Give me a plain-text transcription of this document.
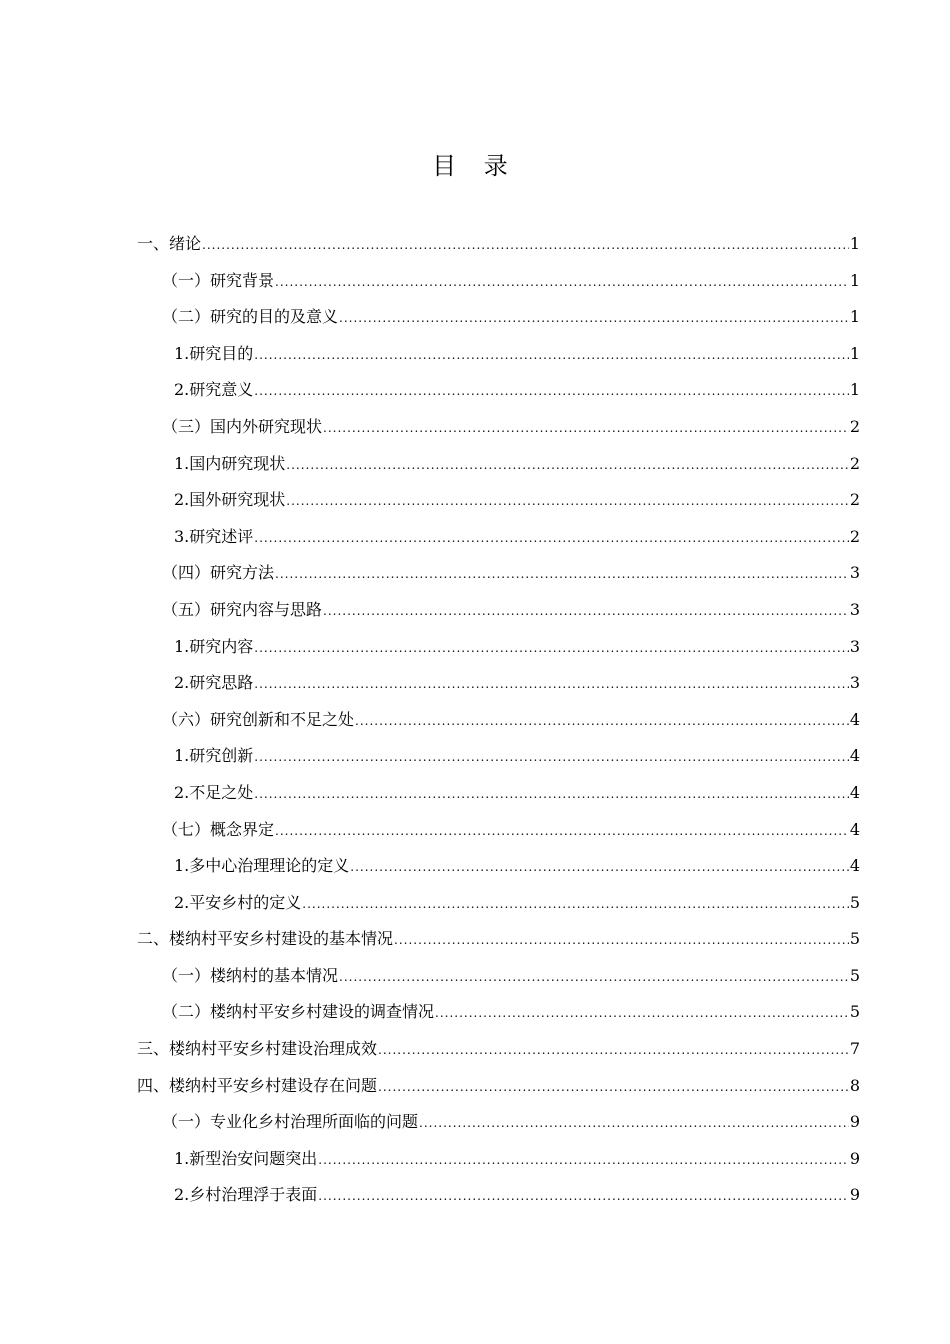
目 录
一、绪论 .....	1
（一）研究背景 .....	1
（二）研究的目的及意义 .....	1
1.研究目的 .....	1
2.研究意义 .....	1
（三）国内外研究现状 .....	2
1.国内研究现状 .....	2
2.国外研究现状 .....	2
3.研究述评 .....	2
（四）研究方法 .....	3
（五）研究内容与思路 .....	3
1.研究内容 .....	3
2.研究思路 .....	3
（六）研究创新和不足之处 .....	4
1.研究创新 .....	4
2.不足之处 .....	4
（七）概念界定 .....	4
1.多中心治理理论的定义 .....	4
2.平安乡村的定义 .....	5
二、楼纳村平安乡村建设的基本情况 .....	5
（一）楼纳村的基本情况 .....	5
（二）楼纳村平安乡村建设的调查情况 .....	5
三、楼纳村平安乡村建设治理成效 .....	7
四、楼纳村平安乡村建设存在问题 .....	8
（一）专业化乡村治理所面临的问题 .....	9
1.新型治安问题突出 .....	9
2.乡村治理浮于表面 .....	9
